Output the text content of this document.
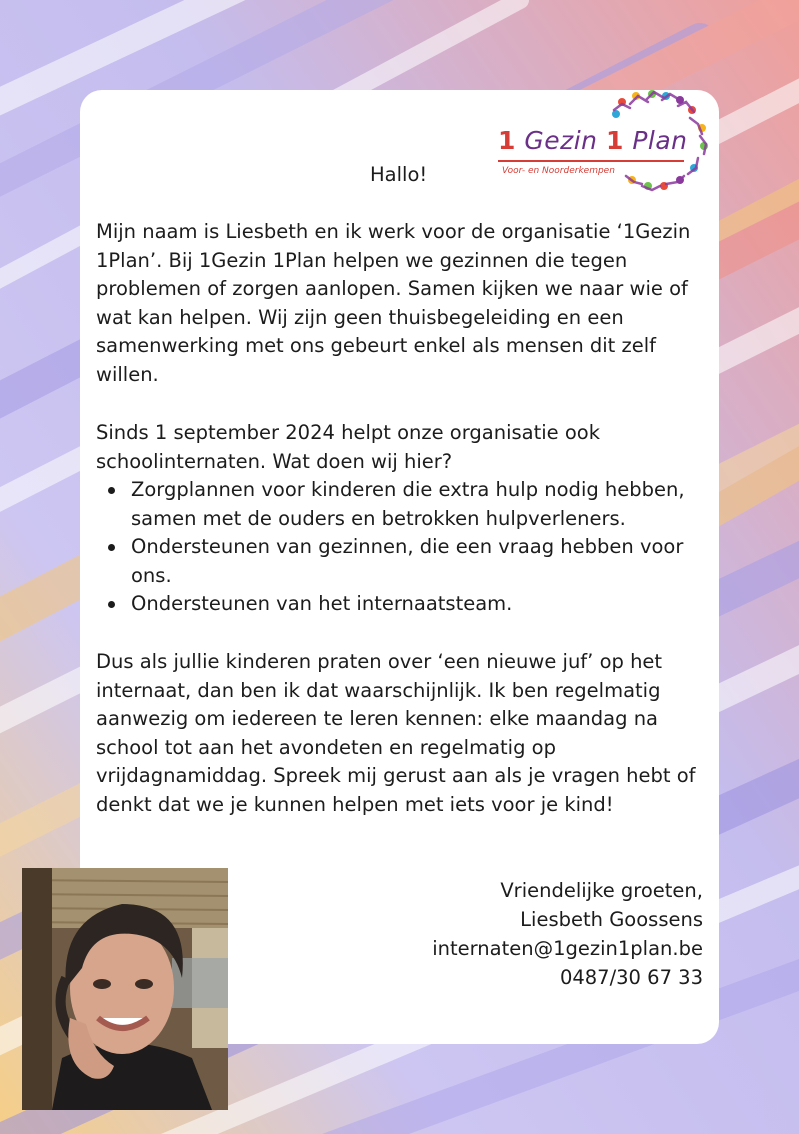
1 Gezin 1 Plan
Voor- en Noorderkempen
Hallo!
Mijn naam is Liesbeth en ik werk voor de organisatie ‘1Gezin 1Plan’. Bij 1Gezin 1Plan helpen we gezinnen die tegen problemen of zorgen aanlopen. Samen kijken we naar wie of wat kan helpen. Wij zijn geen thuisbegeleiding en een samenwerking met ons gebeurt enkel als mensen dit zelf willen.
Sinds 1 september 2024 helpt onze organisatie ook schoolinternaten. Wat doen wij hier?
Zorgplannen voor kinderen die extra hulp nodig hebben, samen met de ouders en betrokken hulpverleners.
Ondersteunen van gezinnen, die een vraag hebben voor ons.
Ondersteunen van het internaatsteam.
Dus als jullie kinderen praten over ‘een nieuwe juf’ op het internaat, dan ben ik dat waarschijnlijk. Ik ben regelmatig aanwezig om iedereen te leren kennen: elke maandag na school tot aan het avondeten en regelmatig op vrijdagnamiddag. Spreek mij gerust aan als je vragen hebt of denkt dat we je kunnen helpen met iets voor je kind!
Vriendelijke groeten,
Liesbeth Goossens
internaten@1gezin1plan.be
0487/30 67 33
